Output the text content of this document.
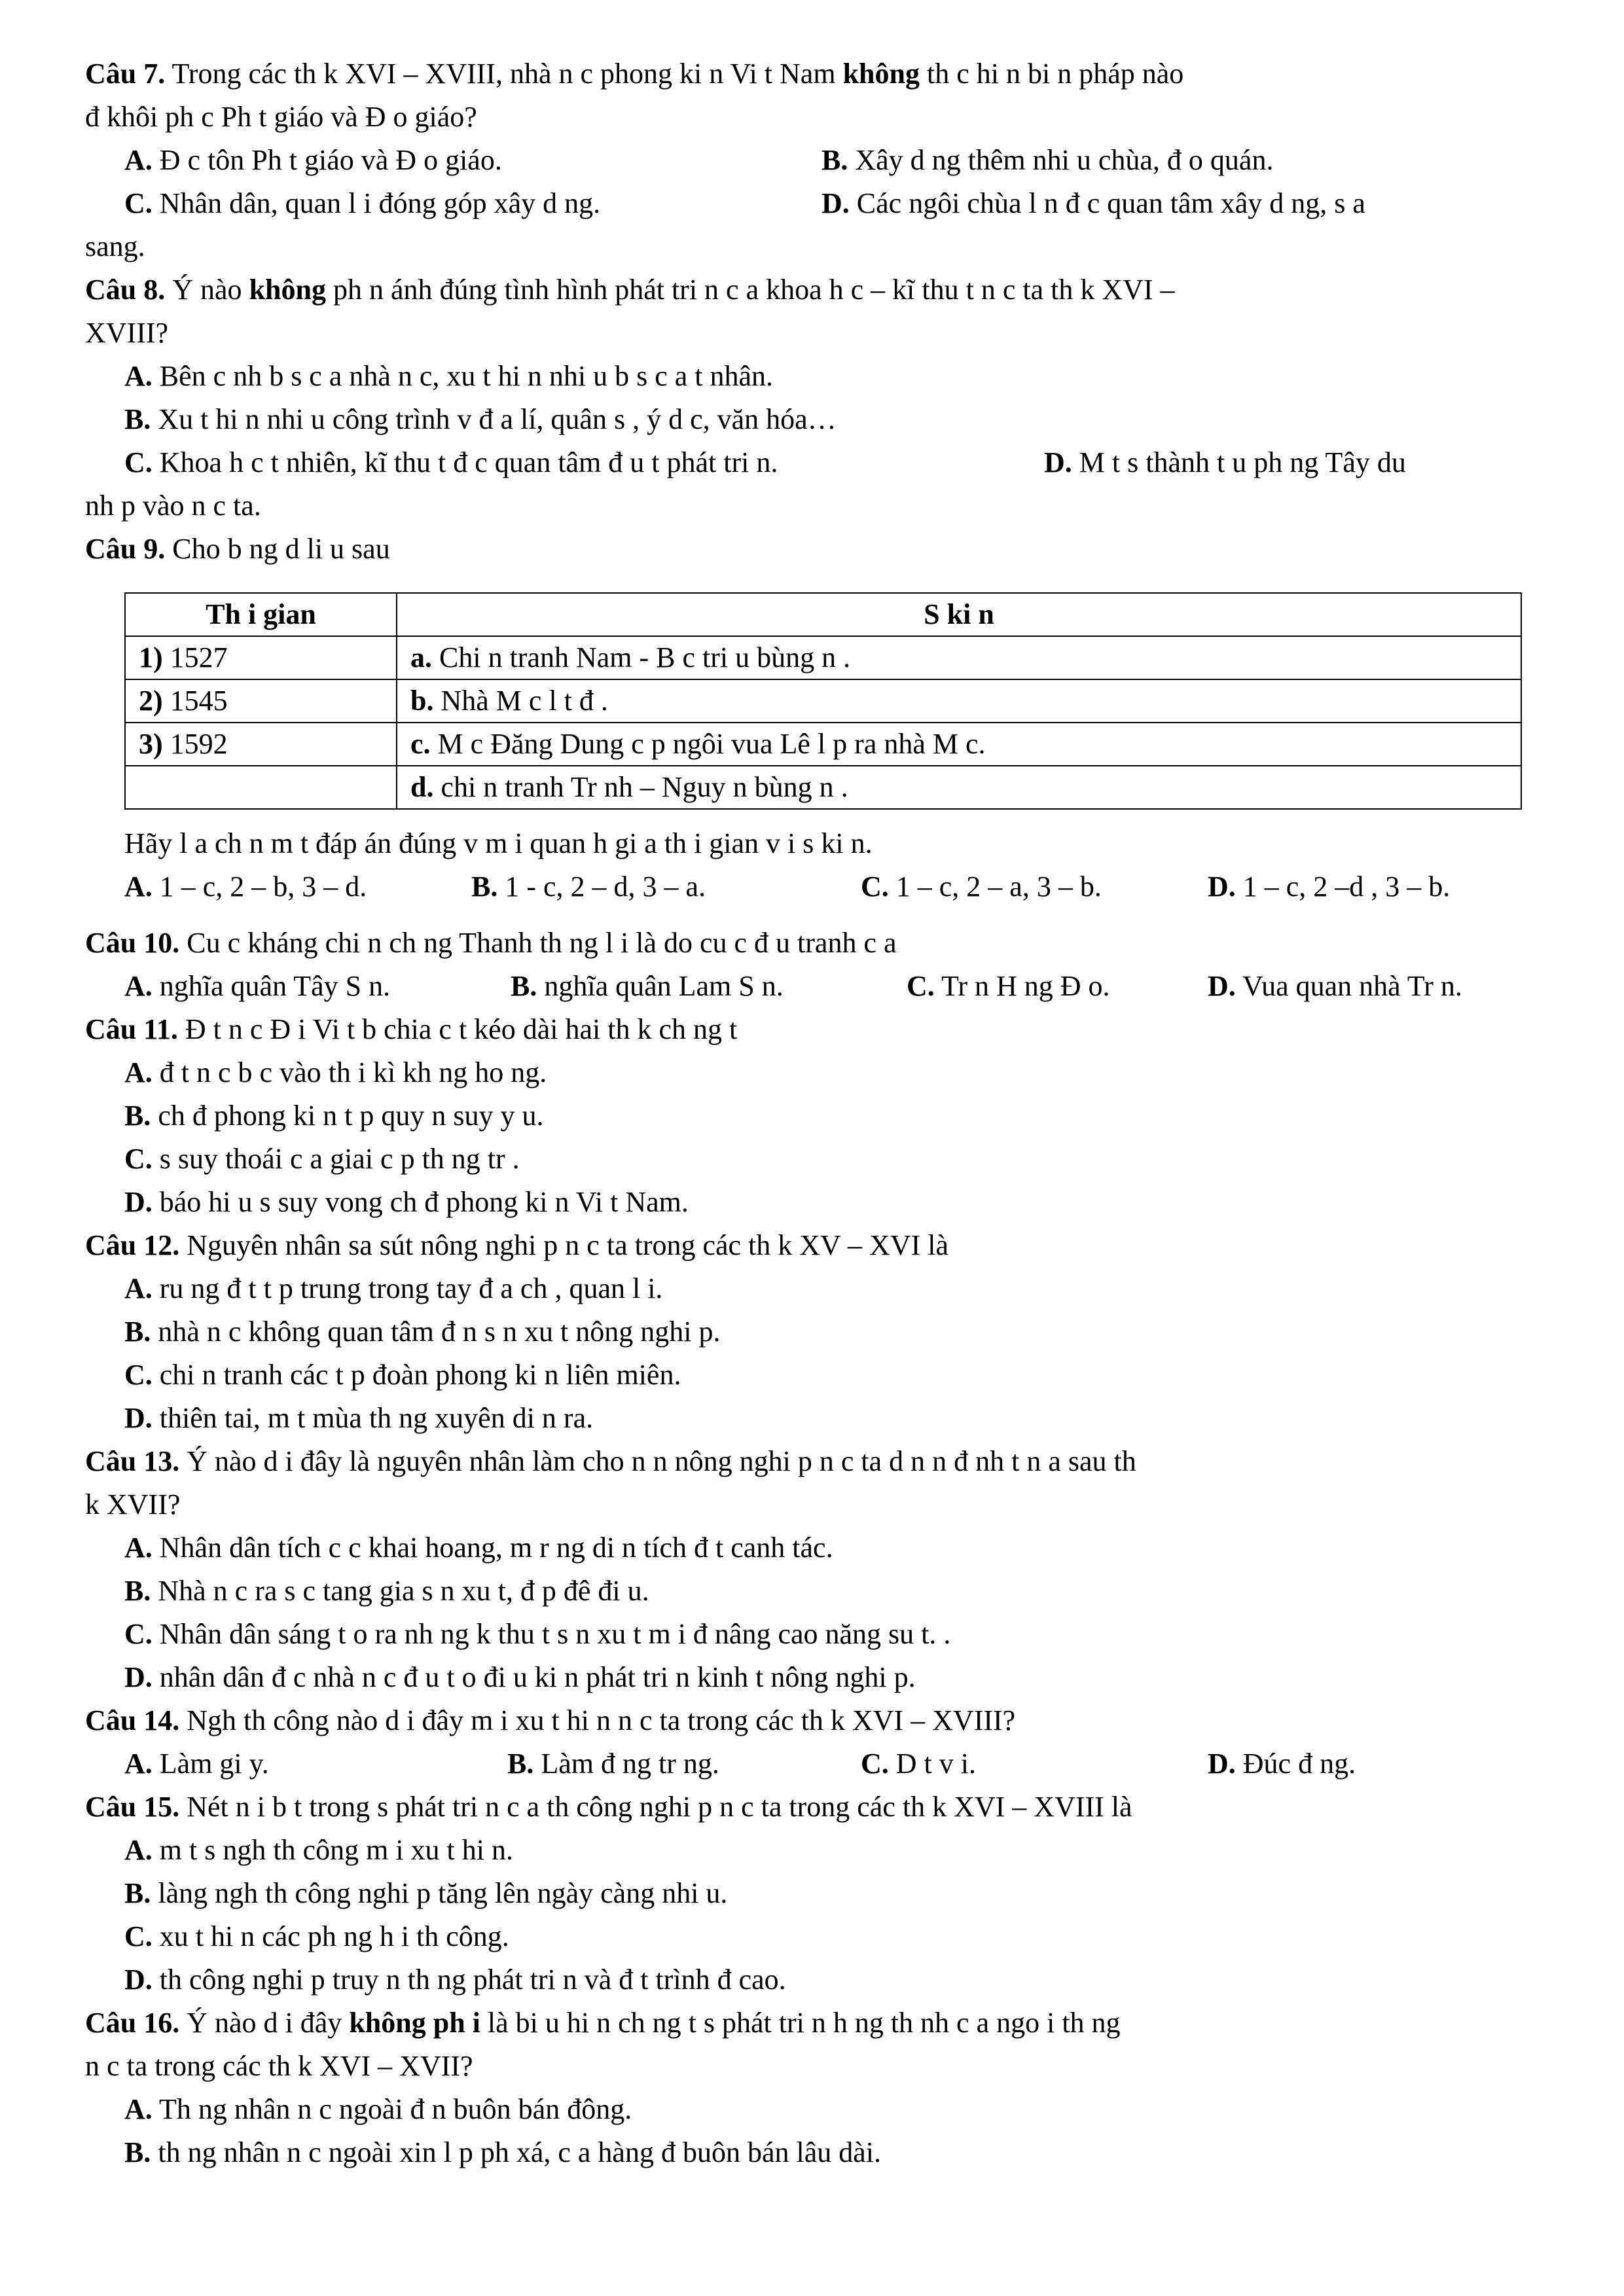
Câu 7. Trong các th k XVI – XVIII, nhà n c phong ki n Vi t Nam không th c hi n bi n pháp nào
đ khôi ph c Ph t giáo và Đ o giáo?
A. Đ c tôn Ph t giáo và Đ o giáo.	B. Xây d ng thêm nhi u chùa, đ o quán.
C. Nhân dân, quan l i đóng góp xây d ng.	D. Các ngôi chùa l n đ c quan tâm xây d ng, s a
sang.
Câu 8. Ý nào không ph n ánh đúng tình hình phát tri n c a khoa h c – kĩ thu t n c ta th k XVI –
XVIII?
A. Bên c nh b s c a nhà n c, xu t hi n nhi u b s c a t nhân.
B. Xu t hi n nhi u công trình v đ a lí, quân s , ý d c, văn hóa…
C. Khoa h c t nhiên, kĩ thu t đ c quan tâm đ u t phát tri n.	D. M t s thành t u ph ng Tây du
nh p vào n c ta.
Câu 9. Cho b ng d li u sau
Th i gian	S ki n
1) 1527	a. Chi n tranh Nam - B c tri u bùng n .
2) 1545	b. Nhà M c l t đ .
3) 1592	c. M c Đăng Dung c p ngôi vua Lê l p ra nhà M c.
	d. chi n tranh Tr nh – Nguy n bùng n .
Hãy l a ch n m t đáp án đúng v m i quan h gi a th i gian v i s ki n.
A. 1 – c, 2 – b, 3 – d.	B. 1 - c, 2 – d, 3 – a.	C. 1 – c, 2 – a, 3 – b.	D. 1 – c, 2 –d , 3 – b.
Câu 10. Cu c kháng chi n ch ng Thanh th ng l i là do cu c đ u tranh c a
A. nghĩa quân Tây S n.	B. nghĩa quân Lam S n.	C. Tr n H ng Đ o.	D. Vua quan nhà Tr n.
Câu 11. Đ t n c Đ i Vi t b chia c t kéo dài hai th k ch ng t
A. đ t n c b c vào th i kì kh ng ho ng.
B. ch đ phong ki n t p quy n suy y u.
C. s suy thoái c a giai c p th ng tr .
D. báo hi u s suy vong ch đ phong ki n Vi t Nam.
Câu 12. Nguyên nhân sa sút nông nghi p n c ta trong các th k XV – XVI là
A. ru ng đ t t p trung trong tay đ a ch , quan l i.
B. nhà n c không quan tâm đ n s n xu t nông nghi p.
C. chi n tranh các t p đoàn phong ki n liên miên.
D. thiên tai, m t mùa th ng xuyên di n ra.
Câu 13. Ý nào d i đây là nguyên nhân làm cho n n nông nghi p n c ta d n n đ nh t n a sau th
k XVII?
A. Nhân dân tích c c khai hoang, m r ng di n tích đ t canh tác.
B. Nhà n c ra s c tang gia s n xu t, đ p đê đi u.
C. Nhân dân sáng t o ra nh ng k thu t s n xu t m i đ nâng cao năng su t. .
D. nhân dân đ c nhà n c đ u t o đi u ki n phát tri n kinh t nông nghi p.
Câu 14. Ngh th công nào d i đây m i xu t hi n n c ta trong các th k XVI – XVIII?
A. Làm gi y.	B. Làm đ ng tr ng.	C. D t v i.	D. Đúc đ ng.
Câu 15. Nét n i b t trong s phát tri n c a th công nghi p n c ta trong các th k XVI – XVIII là
A. m t s ngh th công m i xu t hi n.
B. làng ngh th công nghi p tăng lên ngày càng nhi u.
C. xu t hi n các ph ng h i th công.
D. th công nghi p truy n th ng phát tri n và đ t trình đ cao.
Câu 16. Ý nào d i đây không ph i là bi u hi n ch ng t s phát tri n h ng th nh c a ngo i th ng
n c ta trong các th k XVI – XVII?
A. Th ng nhân n c ngoài đ n buôn bán đông.
B. th ng nhân n c ngoài xin l p ph xá, c a hàng đ buôn bán lâu dài.
